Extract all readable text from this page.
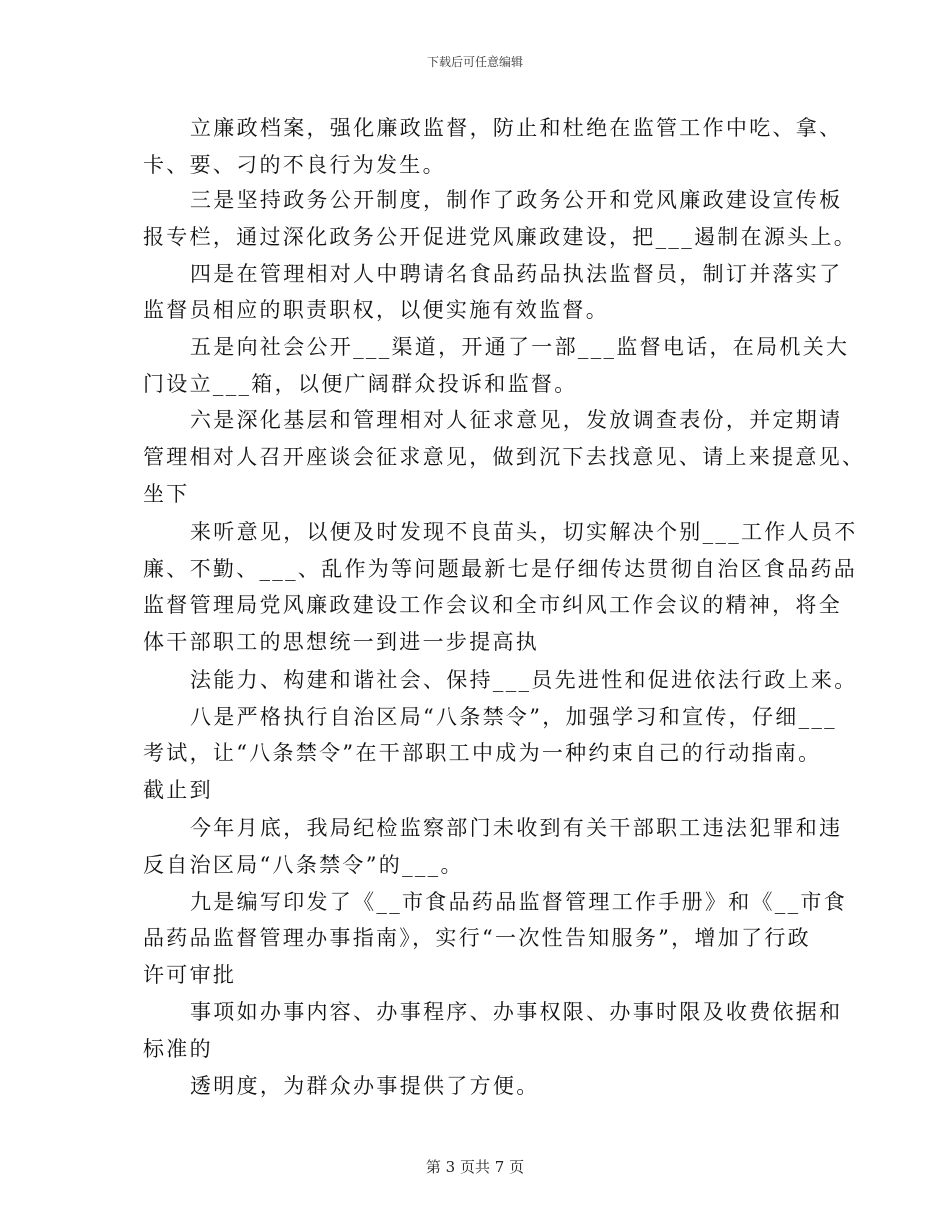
下载后可任意编辑
立廉政档案，强化廉政监督，防止和杜绝在监管工作中吃、拿、
卡、要、刁的不良行为发生。
三是坚持政务公开制度，制作了政务公开和党风廉政建设宣传板
报专栏，通过深化政务公开促进党风廉政建设，把___遏制在源头上。
四是在管理相对人中聘请名食品药品执法监督员，制订并落实了
监督员相应的职责职权，以便实施有效监督。
五是向社会公开___渠道，开通了一部___监督电话，在局机关大
门设立___箱，以便广阔群众投诉和监督。
六是深化基层和管理相对人征求意见，发放调查表份，并定期请
管理相对人召开座谈会征求意见，做到沉下去找意见、请上来提意见、
坐下
来听意见，以便及时发现不良苗头，切实解决个别___工作人员不
廉、不勤、___、乱作为等问题最新七是仔细传达贯彻自治区食品药品
监督管理局党风廉政建设工作会议和全市纠风工作会议的精神，将全
体干部职工的思想统一到进一步提高执
法能力、构建和谐社会、保持___员先进性和促进依法行政上来。
八是严格执行自治区局“八条禁令”，加强学习和宣传，仔细___
考试，让“八条禁令”在干部职工中成为一种约束自己的行动指南。
截止到
今年月底，我局纪检监察部门未收到有关干部职工违法犯罪和违
反自治区局“八条禁令”的___。
九是编写印发了《__市食品药品监督管理工作手册》和《__市食
品药品监督管理办事指南》，实行“一次性告知服务”，增加了行政
许可审批
事项如办事内容、办事程序、办事权限、办事时限及收费依据和
标准的
透明度，为群众办事提供了方便。
第 3 页共 7 页
